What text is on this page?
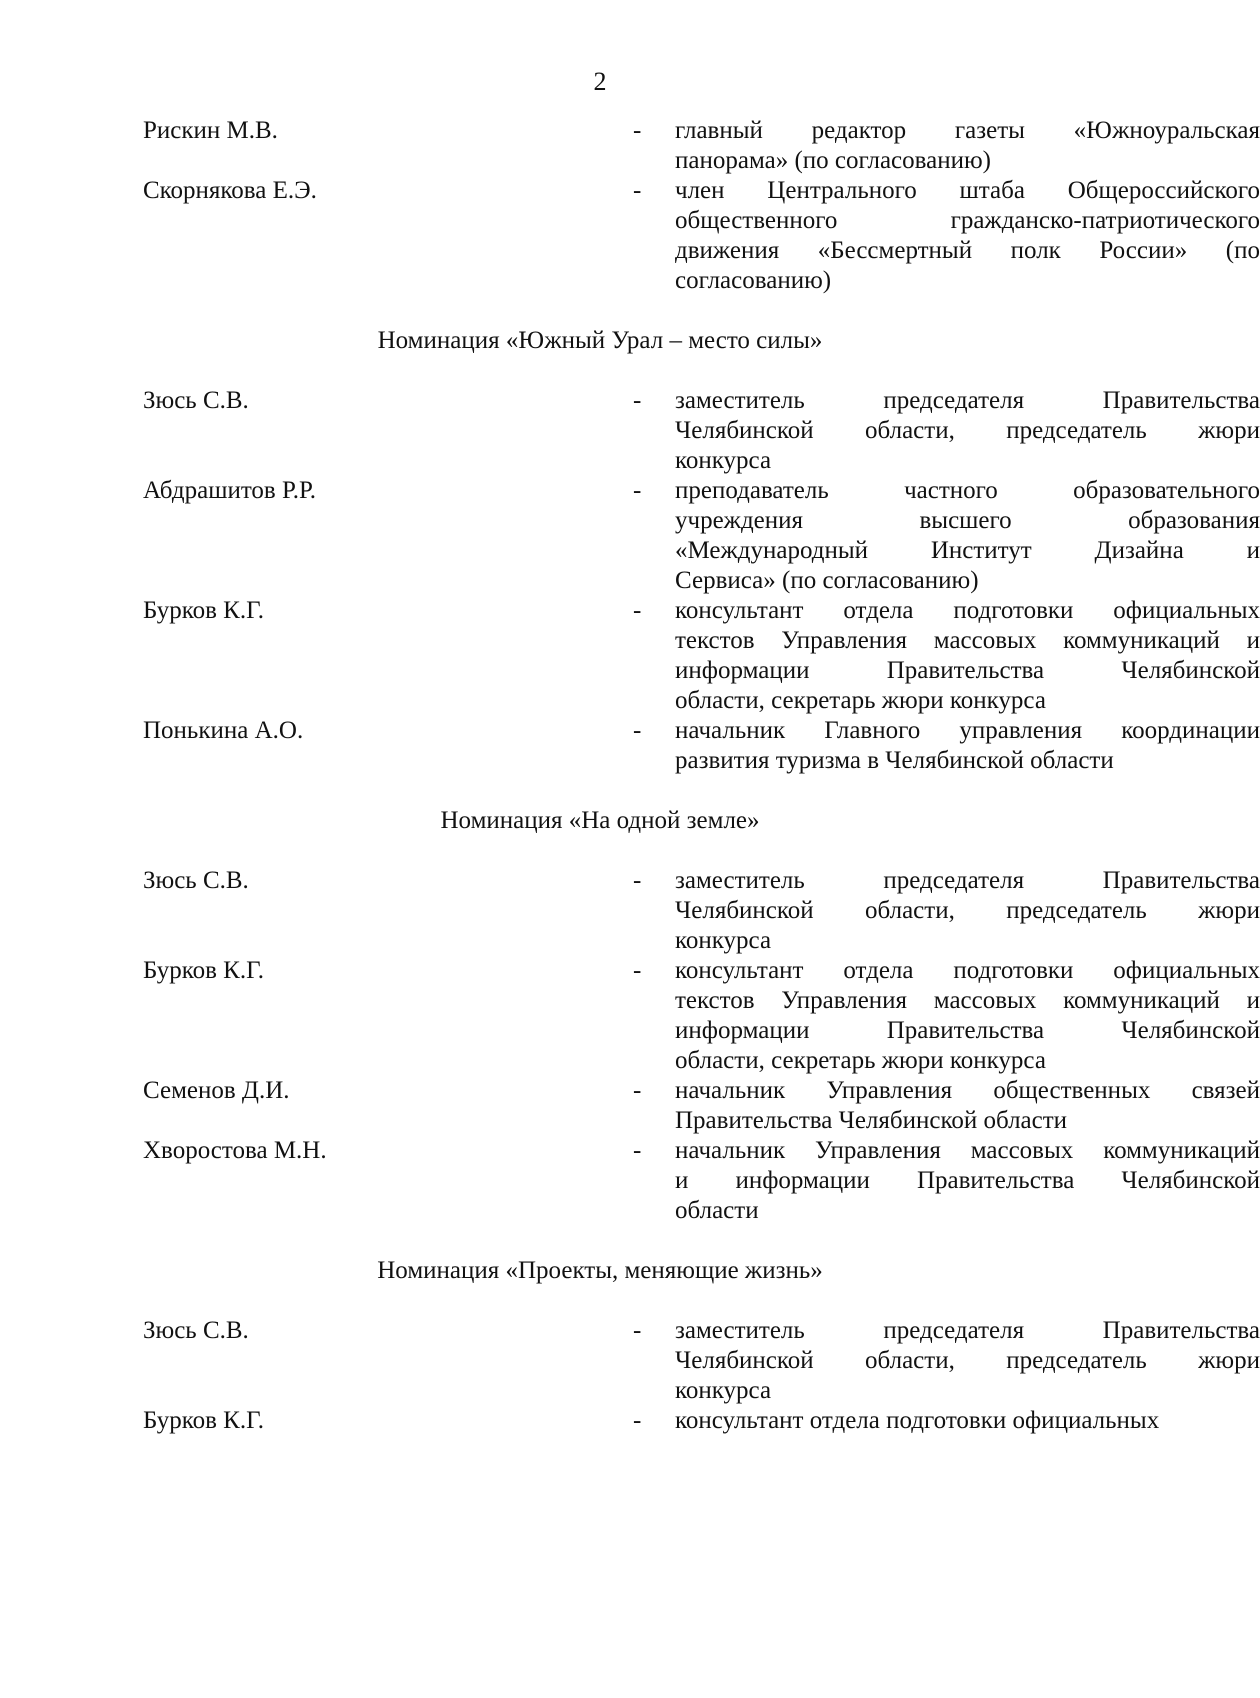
2
Рискин М.В.	-	главный редактор газеты «Южноуральская
панорама» (по согласованию)
Скорнякова Е.Э.	-	член Центрального штаба Общероссийского
общественного гражданско-патриотического
движения «Бессмертный полк России» (по
согласованию)
Номинация «Южный Урал – место силы»
Зюсь С.В.	-	заместитель председателя Правительства
Челябинской области, председатель жюри
конкурса
Абдрашитов Р.Р.	-	преподаватель частного образовательного
учреждения высшего образования
«Международный Институт Дизайна и
Сервиса» (по согласованию)
Бурков К.Г.	-	консультант отдела подготовки официальных
текстов Управления массовых коммуникаций и
информации Правительства Челябинской
области, секретарь жюри конкурса
Понькина А.О.	-	начальник Главного управления координации
развития туризма в Челябинской области
Номинация «На одной земле»
Зюсь С.В.	-	заместитель председателя Правительства
Челябинской области, председатель жюри
конкурса
Бурков К.Г.	-	консультант отдела подготовки официальных
текстов Управления массовых коммуникаций и
информации Правительства Челябинской
области, секретарь жюри конкурса
Семенов Д.И.	-	начальник Управления общественных связей
Правительства Челябинской области
Хворостова М.Н.	-	начальник Управления массовых коммуникаций
и информации Правительства Челябинской
области
Номинация «Проекты, меняющие жизнь»
Зюсь С.В.	-	заместитель председателя Правительства
Челябинской области, председатель жюри
конкурса
Бурков К.Г.	-	консультант отдела подготовки официальных
